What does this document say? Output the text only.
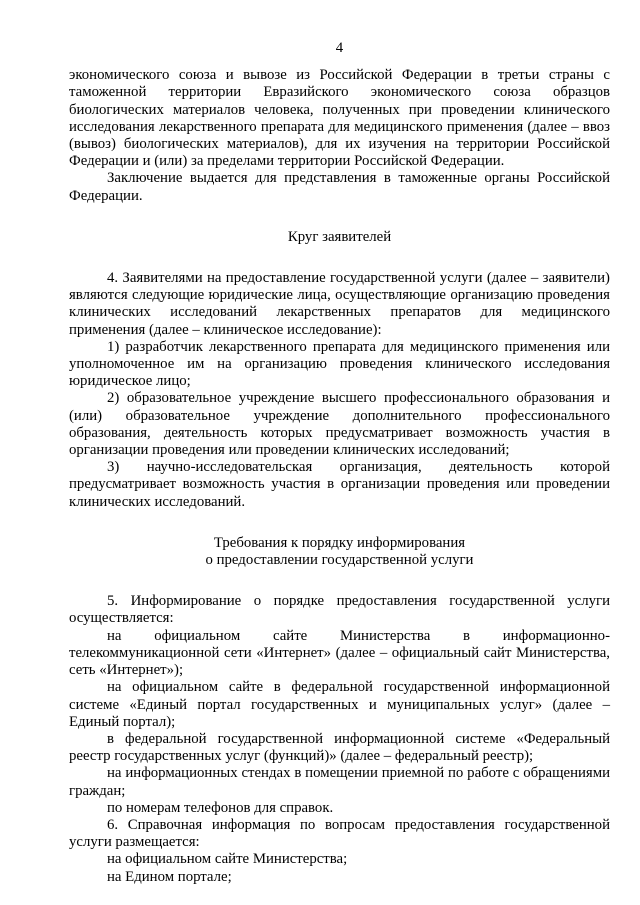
4

экономического союза и вывозе из Российской Федерации в третьи страны с таможенной территории Евразийского экономического союза образцов биологических материалов человека, полученных при проведении клинического исследования лекарственного препарата для медицинского применения (далее – ввоз (вывоз) биологических материалов), для их изучения на территории Российской Федерации и (или) за пределами территории Российской Федерации.

Заключение выдается для представления в таможенные органы Российской Федерации.

Круг заявителей

4. Заявителями на предоставление государственной услуги (далее – заявители) являются следующие юридические лица, осуществляющие организацию проведения клинических исследований лекарственных препаратов для медицинского применения (далее – клиническое исследование):

1) разработчик лекарственного препарата для медицинского применения или уполномоченное им на организацию проведения клинического исследования юридическое лицо;

2) образовательное учреждение высшего профессионального образования и (или) образовательное учреждение дополнительного профессионального образования, деятельность которых предусматривает возможность участия в организации проведения или проведении клинических исследований;

3) научно-исследовательская организация, деятельность которой предусматривает возможность участия в организации проведения или проведении клинических исследований.

Требования к порядку информирования
о предоставлении государственной услуги

5. Информирование о порядке предоставления государственной услуги осуществляется:

на официальном сайте Министерства в информационно-телекоммуникационной сети «Интернет» (далее – официальный сайт Министерства, сеть «Интернет»);

на официальном сайте в федеральной государственной информационной системе «Единый портал государственных и муниципальных услуг» (далее – Единый портал);

в федеральной государственной информационной системе «Федеральный реестр государственных услуг (функций)» (далее – федеральный реестр);

на информационных стендах в помещении приемной по работе с обращениями граждан;

по номерам телефонов для справок.

6. Справочная информация по вопросам предоставления государственной услуги размещается:

на официальном сайте Министерства;

на Едином портале;
